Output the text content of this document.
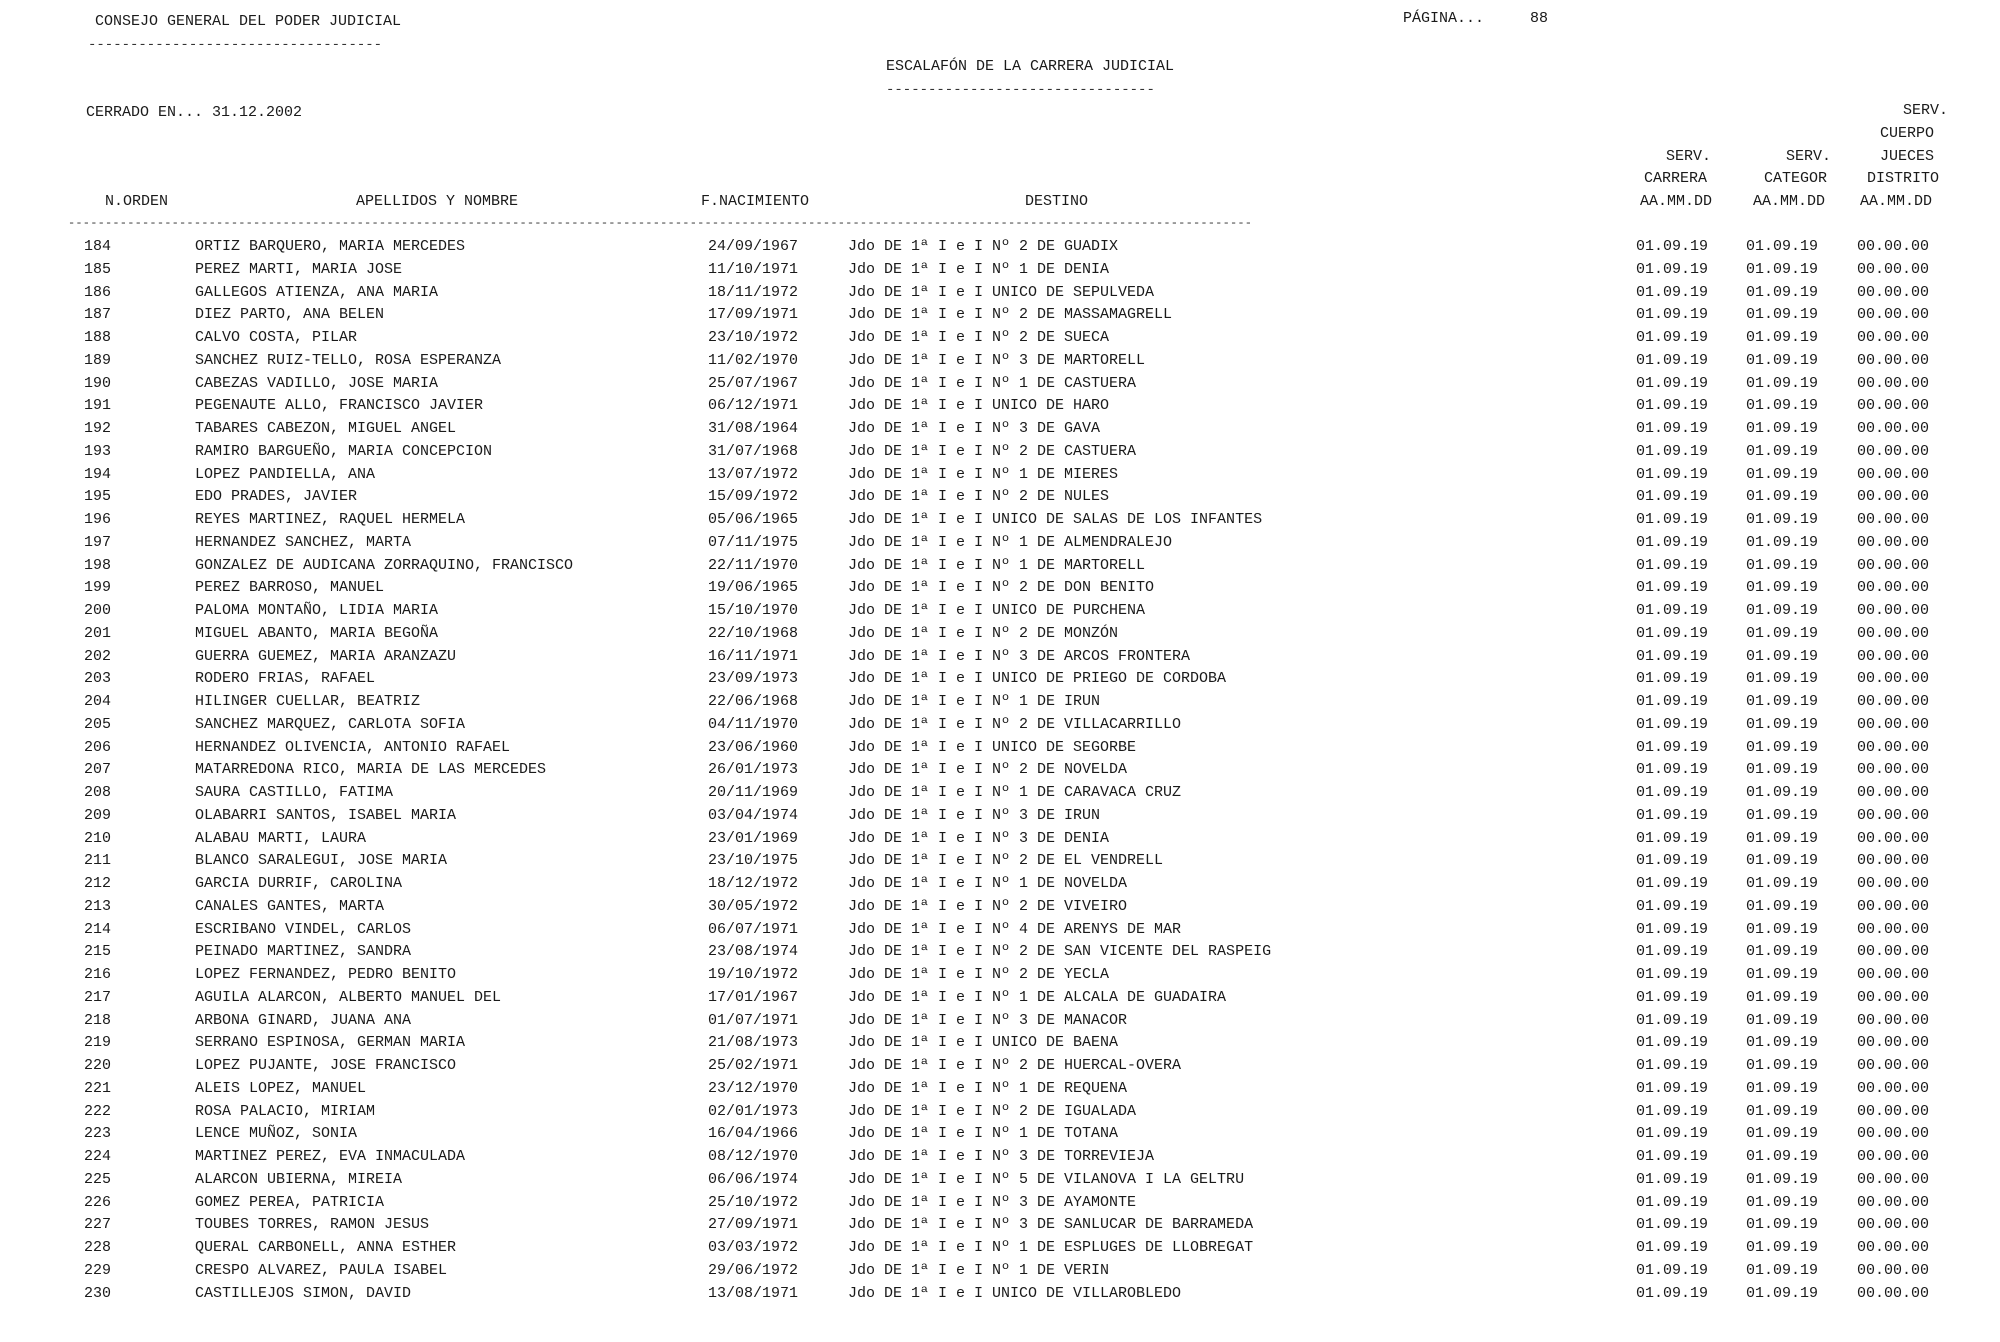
CONSEJO GENERAL DEL PODER JUDICIAL
-----------------------------------
PÁGINA...	88
ESCALAFÓN DE LA CARRERA JUDICIAL
--------------------------------
CERRADO EN... 31.12.2002
N.ORDEN	APELLIDOS Y NOMBRE	F.NACIMIENTO	DESTINO
SERV.
CARRERA
AA.MM.DD
SERV.
CATEGOR
AA.MM.DD
SERV.
CUERPO
JUECES
DISTRITO
AA.MM.DD
----------------------------------------------------------------------------------------------------------------------------------------------------------------
184	ORTIZ BARQUERO, MARIA MERCEDES	24/09/1967	Jdo DE 1ª I e I Nº 2 DE GUADIX	01.09.19	01.09.19	00.00.00
185	PEREZ MARTI, MARIA JOSE	11/10/1971	Jdo DE 1ª I e I Nº 1 DE DENIA	01.09.19	01.09.19	00.00.00
186	GALLEGOS ATIENZA, ANA MARIA	18/11/1972	Jdo DE 1ª I e I UNICO DE SEPULVEDA	01.09.19	01.09.19	00.00.00
187	DIEZ PARTO, ANA BELEN	17/09/1971	Jdo DE 1ª I e I Nº 2 DE MASSAMAGRELL	01.09.19	01.09.19	00.00.00
188	CALVO COSTA, PILAR	23/10/1972	Jdo DE 1ª I e I Nº 2 DE SUECA	01.09.19	01.09.19	00.00.00
189	SANCHEZ RUIZ-TELLO, ROSA ESPERANZA	11/02/1970	Jdo DE 1ª I e I Nº 3 DE MARTORELL	01.09.19	01.09.19	00.00.00
190	CABEZAS VADILLO, JOSE MARIA	25/07/1967	Jdo DE 1ª I e I Nº 1 DE CASTUERA	01.09.19	01.09.19	00.00.00
191	PEGENAUTE ALLO, FRANCISCO JAVIER	06/12/1971	Jdo DE 1ª I e I UNICO DE HARO	01.09.19	01.09.19	00.00.00
192	TABARES CABEZON, MIGUEL ANGEL	31/08/1964	Jdo DE 1ª I e I Nº 3 DE GAVA	01.09.19	01.09.19	00.00.00
193	RAMIRO BARGUEÑO, MARIA CONCEPCION	31/07/1968	Jdo DE 1ª I e I Nº 2 DE CASTUERA	01.09.19	01.09.19	00.00.00
194	LOPEZ PANDIELLA, ANA	13/07/1972	Jdo DE 1ª I e I Nº 1 DE MIERES	01.09.19	01.09.19	00.00.00
195	EDO PRADES, JAVIER	15/09/1972	Jdo DE 1ª I e I Nº 2 DE NULES	01.09.19	01.09.19	00.00.00
196	REYES MARTINEZ, RAQUEL HERMELA	05/06/1965	Jdo DE 1ª I e I UNICO DE SALAS DE LOS INFANTES	01.09.19	01.09.19	00.00.00
197	HERNANDEZ SANCHEZ, MARTA	07/11/1975	Jdo DE 1ª I e I Nº 1 DE ALMENDRALEJO	01.09.19	01.09.19	00.00.00
198	GONZALEZ DE AUDICANA ZORRAQUINO, FRANCISCO	22/11/1970	Jdo DE 1ª I e I Nº 1 DE MARTORELL	01.09.19	01.09.19	00.00.00
199	PEREZ BARROSO, MANUEL	19/06/1965	Jdo DE 1ª I e I Nº 2 DE DON BENITO	01.09.19	01.09.19	00.00.00
200	PALOMA MONTAÑO, LIDIA MARIA	15/10/1970	Jdo DE 1ª I e I UNICO DE PURCHENA	01.09.19	01.09.19	00.00.00
201	MIGUEL ABANTO, MARIA BEGOÑA	22/10/1968	Jdo DE 1ª I e I Nº 2 DE MONZÓN	01.09.19	01.09.19	00.00.00
202	GUERRA GUEMEZ, MARIA ARANZAZU	16/11/1971	Jdo DE 1ª I e I Nº 3 DE ARCOS FRONTERA	01.09.19	01.09.19	00.00.00
203	RODERO FRIAS, RAFAEL	23/09/1973	Jdo DE 1ª I e I UNICO DE PRIEGO DE CORDOBA	01.09.19	01.09.19	00.00.00
204	HILINGER CUELLAR, BEATRIZ	22/06/1968	Jdo DE 1ª I e I Nº 1 DE IRUN	01.09.19	01.09.19	00.00.00
205	SANCHEZ MARQUEZ, CARLOTA SOFIA	04/11/1970	Jdo DE 1ª I e I Nº 2 DE VILLACARRILLO	01.09.19	01.09.19	00.00.00
206	HERNANDEZ OLIVENCIA, ANTONIO RAFAEL	23/06/1960	Jdo DE 1ª I e I UNICO DE SEGORBE	01.09.19	01.09.19	00.00.00
207	MATARREDONA RICO, MARIA DE LAS MERCEDES	26/01/1973	Jdo DE 1ª I e I Nº 2 DE NOVELDA	01.09.19	01.09.19	00.00.00
208	SAURA CASTILLO, FATIMA	20/11/1969	Jdo DE 1ª I e I Nº 1 DE CARAVACA CRUZ	01.09.19	01.09.19	00.00.00
209	OLABARRI SANTOS, ISABEL MARIA	03/04/1974	Jdo DE 1ª I e I Nº 3 DE IRUN	01.09.19	01.09.19	00.00.00
210	ALABAU MARTI, LAURA	23/01/1969	Jdo DE 1ª I e I Nº 3 DE DENIA	01.09.19	01.09.19	00.00.00
211	BLANCO SARALEGUI, JOSE MARIA	23/10/1975	Jdo DE 1ª I e I Nº 2 DE EL VENDRELL	01.09.19	01.09.19	00.00.00
212	GARCIA DURRIF, CAROLINA	18/12/1972	Jdo DE 1ª I e I Nº 1 DE NOVELDA	01.09.19	01.09.19	00.00.00
213	CANALES GANTES, MARTA	30/05/1972	Jdo DE 1ª I e I Nº 2 DE VIVEIRO	01.09.19	01.09.19	00.00.00
214	ESCRIBANO VINDEL, CARLOS	06/07/1971	Jdo DE 1ª I e I Nº 4 DE ARENYS DE MAR	01.09.19	01.09.19	00.00.00
215	PEINADO MARTINEZ, SANDRA	23/08/1974	Jdo DE 1ª I e I Nº 2 DE SAN VICENTE DEL RASPEIG	01.09.19	01.09.19	00.00.00
216	LOPEZ FERNANDEZ, PEDRO BENITO	19/10/1972	Jdo DE 1ª I e I Nº 2 DE YECLA	01.09.19	01.09.19	00.00.00
217	AGUILA ALARCON, ALBERTO MANUEL DEL	17/01/1967	Jdo DE 1ª I e I Nº 1 DE ALCALA DE GUADAIRA	01.09.19	01.09.19	00.00.00
218	ARBONA GINARD, JUANA ANA	01/07/1971	Jdo DE 1ª I e I Nº 3 DE MANACOR	01.09.19	01.09.19	00.00.00
219	SERRANO ESPINOSA, GERMAN MARIA	21/08/1973	Jdo DE 1ª I e I UNICO DE BAENA	01.09.19	01.09.19	00.00.00
220	LOPEZ PUJANTE, JOSE FRANCISCO	25/02/1971	Jdo DE 1ª I e I Nº 2 DE HUERCAL-OVERA	01.09.19	01.09.19	00.00.00
221	ALEIS LOPEZ, MANUEL	23/12/1970	Jdo DE 1ª I e I Nº 1 DE REQUENA	01.09.19	01.09.19	00.00.00
222	ROSA PALACIO, MIRIAM	02/01/1973	Jdo DE 1ª I e I Nº 2 DE IGUALADA	01.09.19	01.09.19	00.00.00
223	LENCE MUÑOZ, SONIA	16/04/1966	Jdo DE 1ª I e I Nº 1 DE TOTANA	01.09.19	01.09.19	00.00.00
224	MARTINEZ PEREZ, EVA INMACULADA	08/12/1970	Jdo DE 1ª I e I Nº 3 DE TORREVIEJA	01.09.19	01.09.19	00.00.00
225	ALARCON UBIERNA, MIREIA	06/06/1974	Jdo DE 1ª I e I Nº 5 DE VILANOVA I LA GELTRU	01.09.19	01.09.19	00.00.00
226	GOMEZ PEREA, PATRICIA	25/10/1972	Jdo DE 1ª I e I Nº 3 DE AYAMONTE	01.09.19	01.09.19	00.00.00
227	TOUBES TORRES, RAMON JESUS	27/09/1971	Jdo DE 1ª I e I Nº 3 DE SANLUCAR DE BARRAMEDA	01.09.19	01.09.19	00.00.00
228	QUERAL CARBONELL, ANNA ESTHER	03/03/1972	Jdo DE 1ª I e I Nº 1 DE ESPLUGES DE LLOBREGAT	01.09.19	01.09.19	00.00.00
229	CRESPO ALVAREZ, PAULA ISABEL	29/06/1972	Jdo DE 1ª I e I Nº 1 DE VERIN	01.09.19	01.09.19	00.00.00
230	CASTILLEJOS SIMON, DAVID	13/08/1971	Jdo DE 1ª I e I UNICO DE VILLAROBLEDO	01.09.19	01.09.19	00.00.00
